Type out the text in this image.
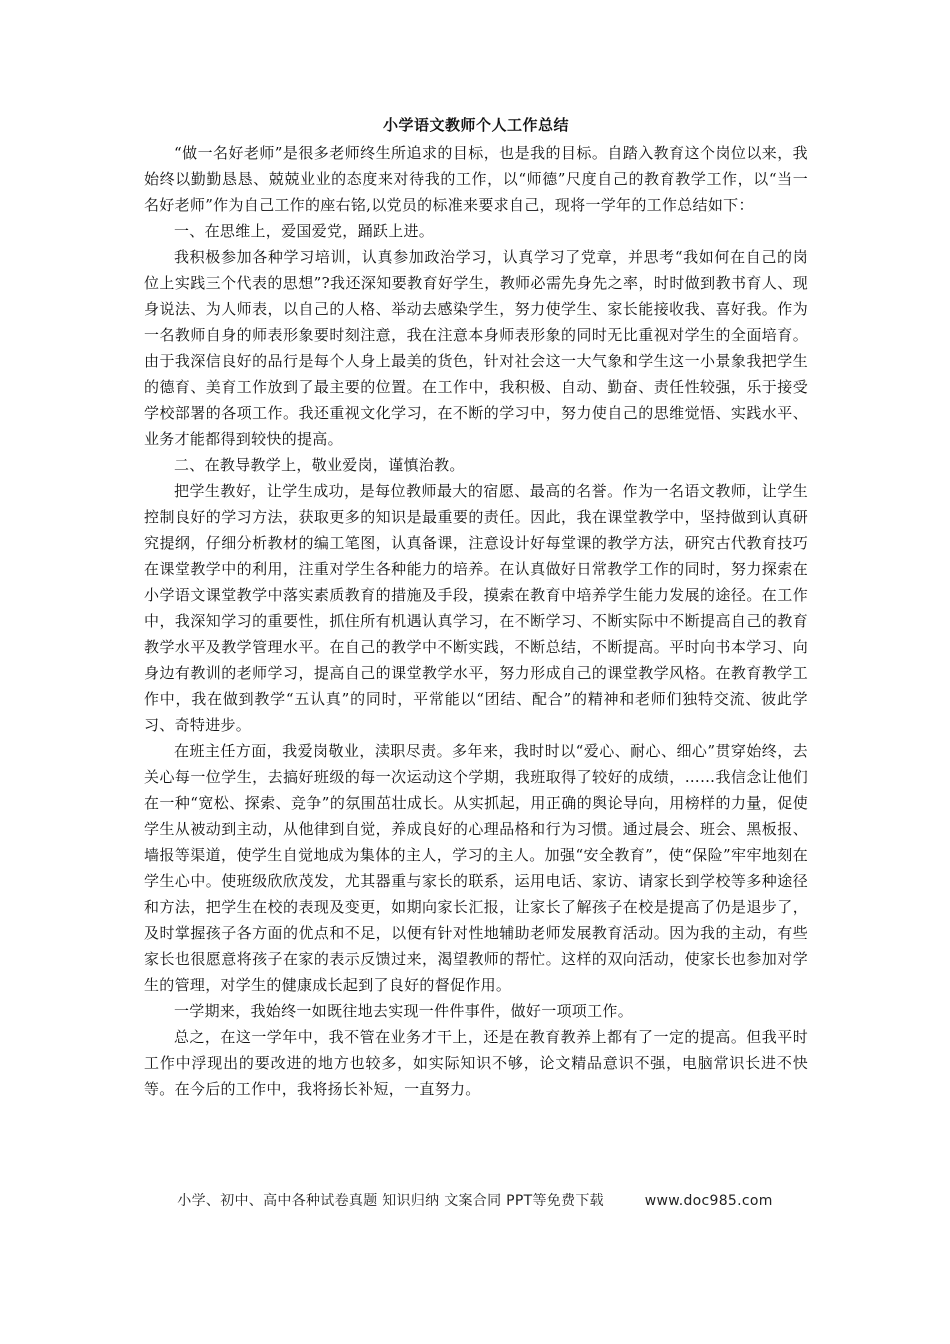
小学语文教师个人工作总结

“做一名好老师”是很多老师终生所追求的目标，也是我的目标。自踏入教育这个岗位以来，我始终以勤勤恳恳、兢兢业业的态度来对待我的工作，以“师德”尺度自己的教育教学工作，以“当一名好老师”作为自己工作的座右铭,以党员的标准来要求自己，现将一学年的工作总结如下：

一、在思维上，爱国爱党，踊跃上进。

我积极参加各种学习培训，认真参加政治学习，认真学习了党章，并思考“我如何在自己的岗位上实践三个代表的思想”?我还深知要教育好学生，教师必需先身先之率，时时做到教书育人、现身说法、为人师表，以自己的人格、举动去感染学生，努力使学生、家长能接收我、喜好我。作为一名教师自身的师表形象要时刻注意，我在注意本身师表形象的同时无比重视对学生的全面培育。由于我深信良好的品行是每个人身上最美的货色，针对社会这一大气象和学生这一小景象我把学生的德育、美育工作放到了最主要的位置。在工作中，我积极、自动、勤奋、责任性较强，乐于接受学校部署的各项工作。我还重视文化学习，在不断的学习中，努力使自己的思维觉悟、实践水平、业务才能都得到较快的提高。

二、在教导教学上，敬业爱岗，谨慎治教。

把学生教好，让学生成功，是每位教师最大的宿愿、最高的名誉。作为一名语文教师，让学生控制良好的学习方法，获取更多的知识是最重要的责任。因此，我在课堂教学中，坚持做到认真研究提纲，仔细分析教材的编工笔图，认真备课，注意设计好每堂课的教学方法，研究古代教育技巧在课堂教学中的利用，注重对学生各种能力的培养。在认真做好日常教学工作的同时，努力探索在小学语文课堂教学中落实素质教育的措施及手段，摸索在教育中培养学生能力发展的途径。在工作中，我深知学习的重要性，抓住所有机遇认真学习，在不断学习、不断实际中不断提高自己的教育教学水平及教学管理水平。在自己的教学中不断实践，不断总结，不断提高。平时向书本学习、向身边有教训的老师学习，提高自己的课堂教学水平，努力形成自己的课堂教学风格。在教育教学工作中，我在做到教学“五认真”的同时，平常能以“团结、配合”的精神和老师们独特交流、彼此学习、奇特进步。

在班主任方面，我爱岗敬业，渎职尽责。多年来，我时时以“爱心、耐心、细心”贯穿始终，去关心每一位学生，去搞好班级的每一次运动这个学期，我班取得了较好的成绩，……我信念让他们在一种“宽松、探索、竞争”的氛围茁壮成长。从实抓起，用正确的舆论导向，用榜样的力量，促使学生从被动到主动，从他律到自觉，养成良好的心理品格和行为习惯。通过晨会、班会、黑板报、墙报等渠道，使学生自觉地成为集体的主人，学习的主人。加强“安全教育”，使“保险”牢牢地刻在学生心中。使班级欣欣茂发，尤其器重与家长的联系，运用电话、家访、请家长到学校等多种途径和方法，把学生在校的表现及变更，如期向家长汇报，让家长了解孩子在校是提高了仍是退步了，及时掌握孩子各方面的优点和不足，以便有针对性地辅助老师发展教育活动。因为我的主动，有些家长也很愿意将孩子在家的表示反馈过来，渴望教师的帮忙。这样的双向活动，使家长也参加对学生的管理，对学生的健康成长起到了良好的督促作用。

一学期来，我始终一如既往地去实现一件件事件，做好一项项工作。

总之，在这一学年中，我不管在业务才干上，还是在教育教养上都有了一定的提高。但我平时工作中浮现出的要改进的地方也较多，如实际知识不够，论文精品意识不强，电脑常识长进不快等。在今后的工作中，我将扬长补短，一直努力。

小学、初中、高中各种试卷真题 知识归纳 文案合同 PPT等免费下载	www.doc985.com
